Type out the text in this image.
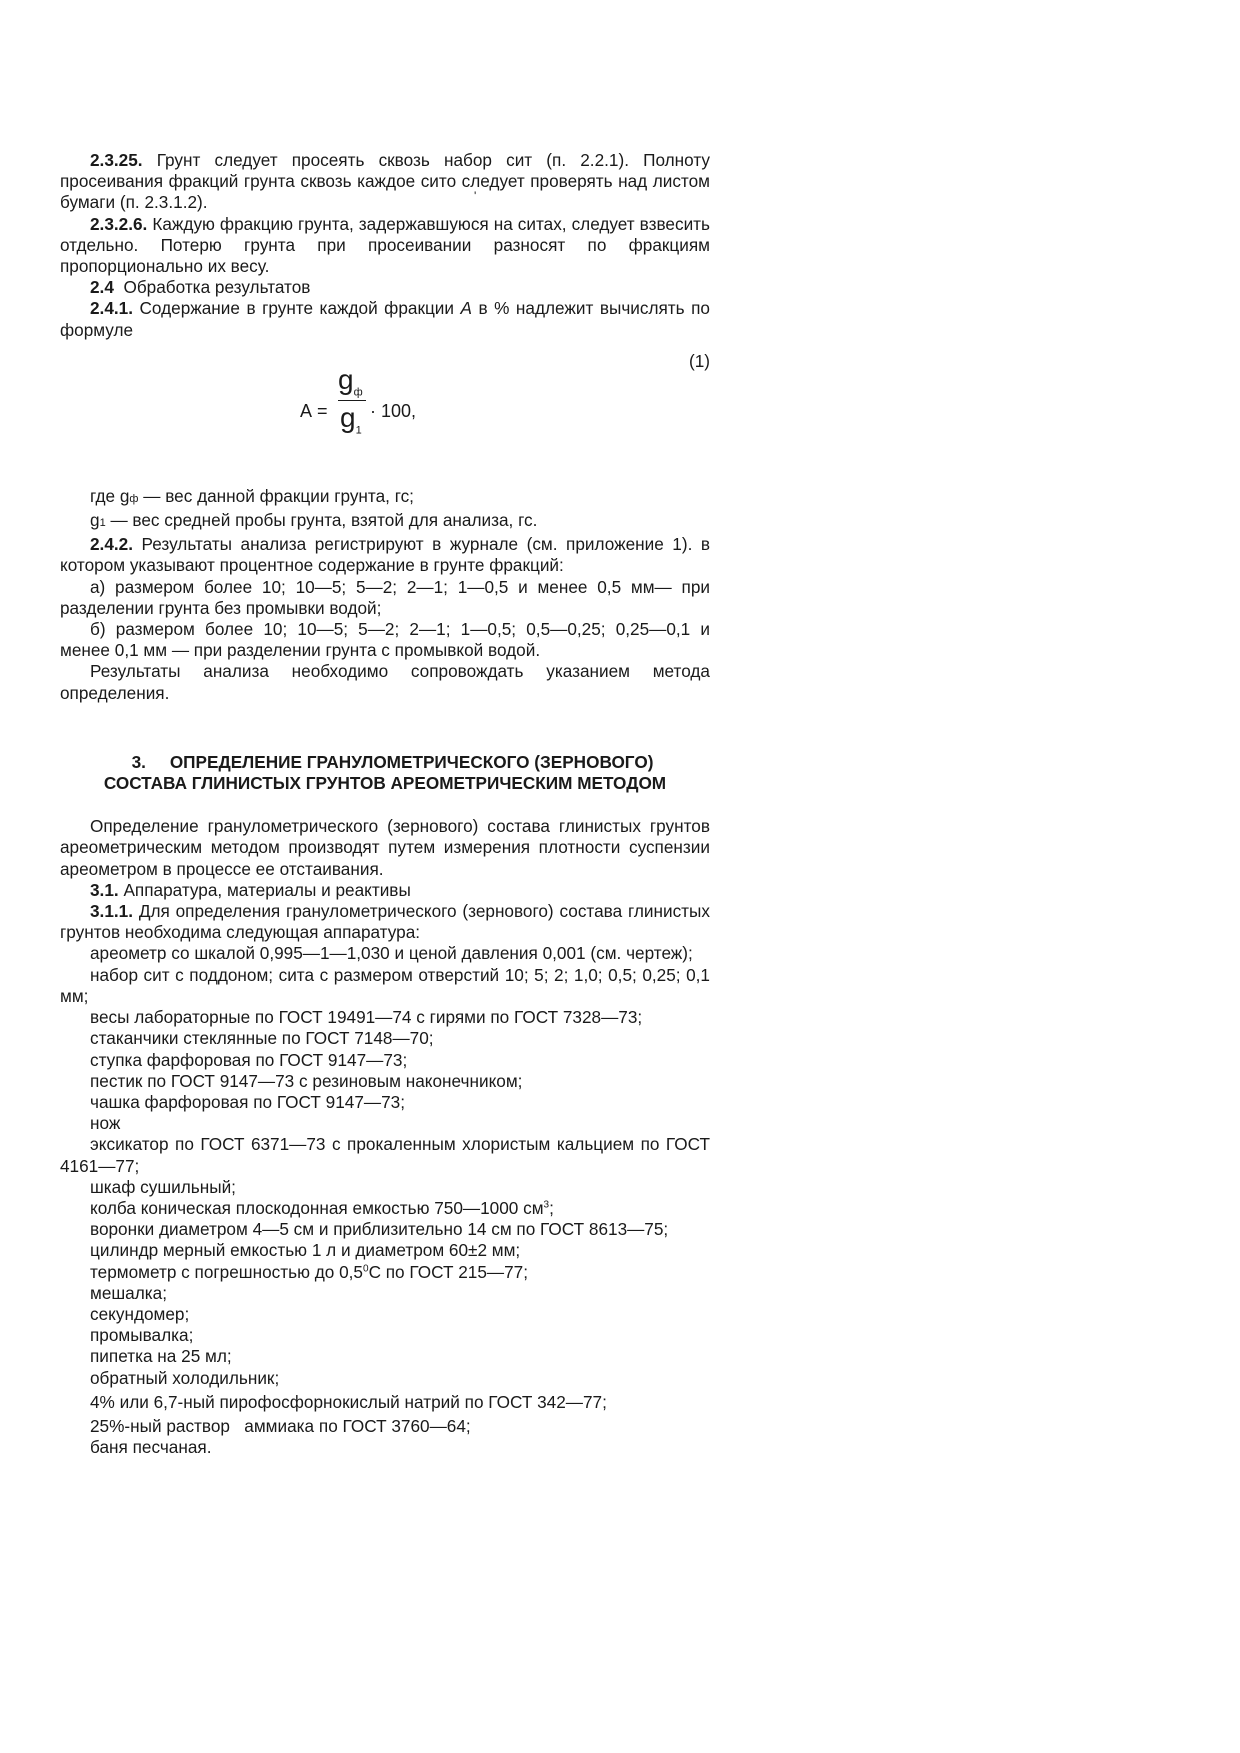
'

2.3.25. Грунт следует просеять сквозь набор сит (п. 2.2.1). Полноту просеивания фракций грунта сквозь каждое сито следует проверять над листом бумаги (п. 2.3.1.2).

2.3.2.6. Каждую фракцию грунта, задержавшуюся на ситах, следует взвесить отдельно. Потерю грунта при просеивании разносят по фракциям пропорционально их весу.

2.4  Обработка результатов

2.4.1. Содержание в грунте каждой фракции А в % надлежит вычислять по формуле

(1)
А =
$g_ф$
$g_1$
· 100,

где gф — вес данной фракции грунта, гс;

g1 — вес средней пробы грунта, взятой для анализа, гс.

2.4.2. Результаты анализа регистрируют в журнале (см. приложение 1). в котором указывают процентное содержание в грунте фракций:

а) размером более 10; 10—5; 5—2; 2—1; 1—0,5 и менее 0,5 мм— при разделении грунта без промывки водой;

б) размером более 10; 10—5; 5—2; 2—1; 1—0,5; 0,5—0,25; 0,25—0,1 и менее 0,1 мм — при разделении грунта с промывкой водой.

Результаты анализа необходимо сопровождать указанием метода определения.

3. ОПРЕДЕЛЕНИЕ ГРАНУЛОМЕТРИЧЕСКОГО (ЗЕРНОВОГО)
СОСТАВА ГЛИНИСТЫХ ГРУНТОВ АРЕОМЕТРИЧЕСКИМ МЕТОДОМ

Определение гранулометрического (зернового) состава глинистых грунтов ареометрическим методом производят путем измерения плотности суспензии ареометром в процессе ее отстаивания.

3.1. Аппаратура, материалы и реактивы

3.1.1. Для определения гранулометрического (зернового) состава глинистых грунтов необходима следующая аппаратура:

ареометр со шкалой 0,995—1—1,030 и ценой давления 0,001 (см. чертеж);

набор сит с поддоном; сита с размером отверстий 10; 5; 2; 1,0; 0,5; 0,25; 0,1 мм;

весы лабораторные по ГОСТ 19491—74 с гирями по ГОСТ 7328—73;

стаканчики стеклянные по ГОСТ 7148—70;

ступка фарфоровая по ГОСТ 9147—73;

пестик по ГОСТ 9147—73 с резиновым наконечником;

чашка фарфоровая по ГОСТ 9147—73;

нож

эксикатор по ГОСТ 6371—73 с прокаленным хлористым кальцием по ГОСТ 4161—77;

шкаф сушильный;

колба коническая плоскодонная емкостью 750—1000 $см^3$;

воронки диаметром 4—5 см и приблизительно 14 см по ГОСТ 8613—75;

цилиндр мерный емкостью 1 л и диаметром 60±2 мм;

термометр с погрешностью до $0,5^0С$ по ГОСТ 215—77;

мешалка;

секундомер;

промывалка;

пипетка на 25 мл;

обратный холодильник;

4% или 6,7-ный пирофосфорнокислый натрий по ГОСТ 342—77;

25%-ный раствор   аммиака по ГОСТ 3760—64;

баня песчаная.
